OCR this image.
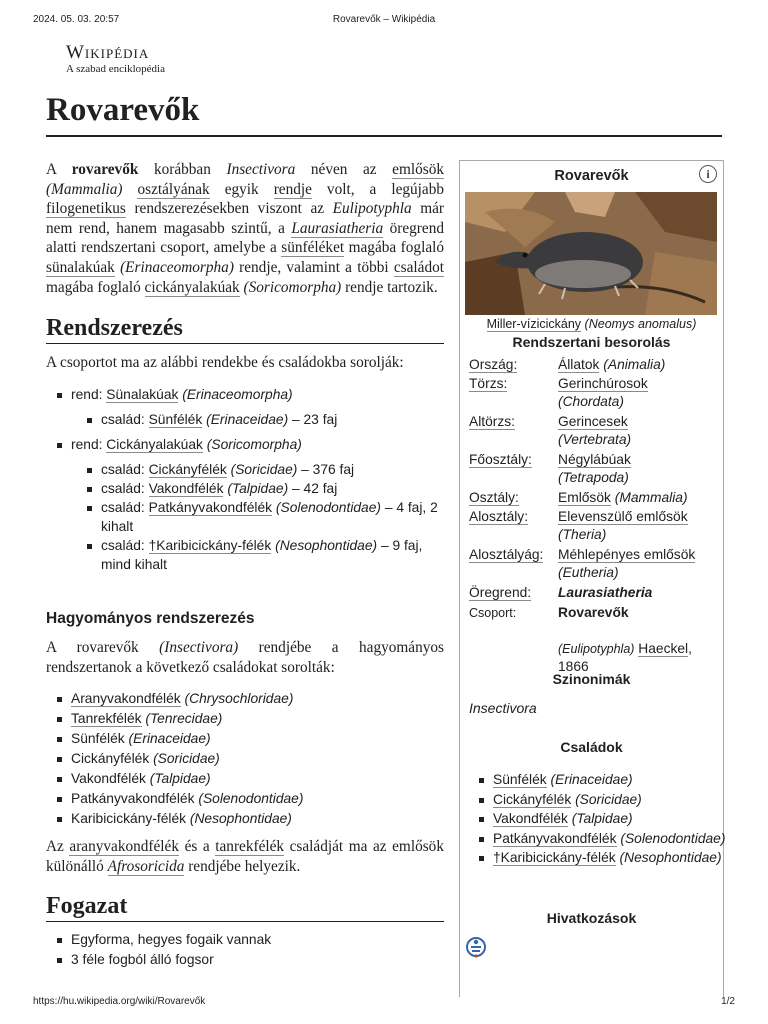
2024. 05. 03. 20:57	Rovarevők – Wikipédia
Wikipédia
A szabad enciklopédia
Rovarevők

A rovarevők korábban Insectivora néven az emlősök (Mammalia) osztályának egyik rendje volt, a legújabb filogenetikus rendszerezésekben viszont az Eulipotyphla már nem rend, hanem magasabb szintű, a Laurasiatheria öregrend alatti rendszertani csoport, amelybe a sünféléket magába foglaló sünalakúak (Erinaceomorpha) rendje, valamint a többi családot magába foglaló cickányalakúak (Soricomorpha) rendje tartozik.

Rendszerezés

A csoportot ma az alábbi rendekbe és családokba sorolják:

rend: Sünalakúak (Erinaceomorpha)
család: Sünfélék (Erinaceidae) – 23 faj
rend: Cickányalakúak (Soricomorpha)
család: Cickányfélék (Soricidae) – 376 faj
család: Vakondfélék (Talpidae) – 42 faj
család: Patkányvakondfélék (Solenodontidae) – 4 faj, 2 kihalt
család: †Karibicickány-félék (Nesophontidae) – 9 faj, mind kihalt
Hagyományos rendszerezés

A rovarevők (Insectivora) rendjébe a hagyományos rendszertanok a következő családokat sorolták:

Aranyvakondfélék (Chrysochloridae)
Tanrekfélék (Tenrecidae)
Sünfélék (Erinaceidae)
Cickányfélék (Soricidae)
Vakondfélék (Talpidae)
Patkányvakondfélék (Solenodontidae)
Karibicickány-félék (Nesophontidae)

Az aranyvakondfélék és a tanrekfélék családját ma az emlősök különálló Afrosoricida rendjébe helyezik.

Fogazat
Egyforma, hegyes fogaik vannak
3 féle fogból álló fogsor
Rovarevők	i
Miller-vízicickány (Neomys anomalus)
Rendszertani besorolás
Ország:	Állatok (Animalia)
Törzs:	Gerinchúrosok
(Chordata)
Altörzs:	Gerincesek
(Vertebrata)
Főosztály: Négylábúak
(Tetrapoda)
Osztály:	Emlősök (Mammalia)
Alosztály: Elevenszülő emlősök
(Theria)
Alosztályág: Méhlepényes emlősök
(Eutheria)
Öregrend: Laurasiatheria
Csoport:	Rovarevők

(Eulipotyphla) Haeckel, 1866
Szinonimák
Insectivora
Családok
Sünfélék (Erinaceidae)
Cickányfélék (Soricidae)
Vakondfélék (Talpidae)
Patkányvakondfélék (Solenodontidae)
†Karibicickány-félék (Nesophontidae)
Hivatkozások
https://hu.wikipedia.org/wiki/Rovarevők	1/2
